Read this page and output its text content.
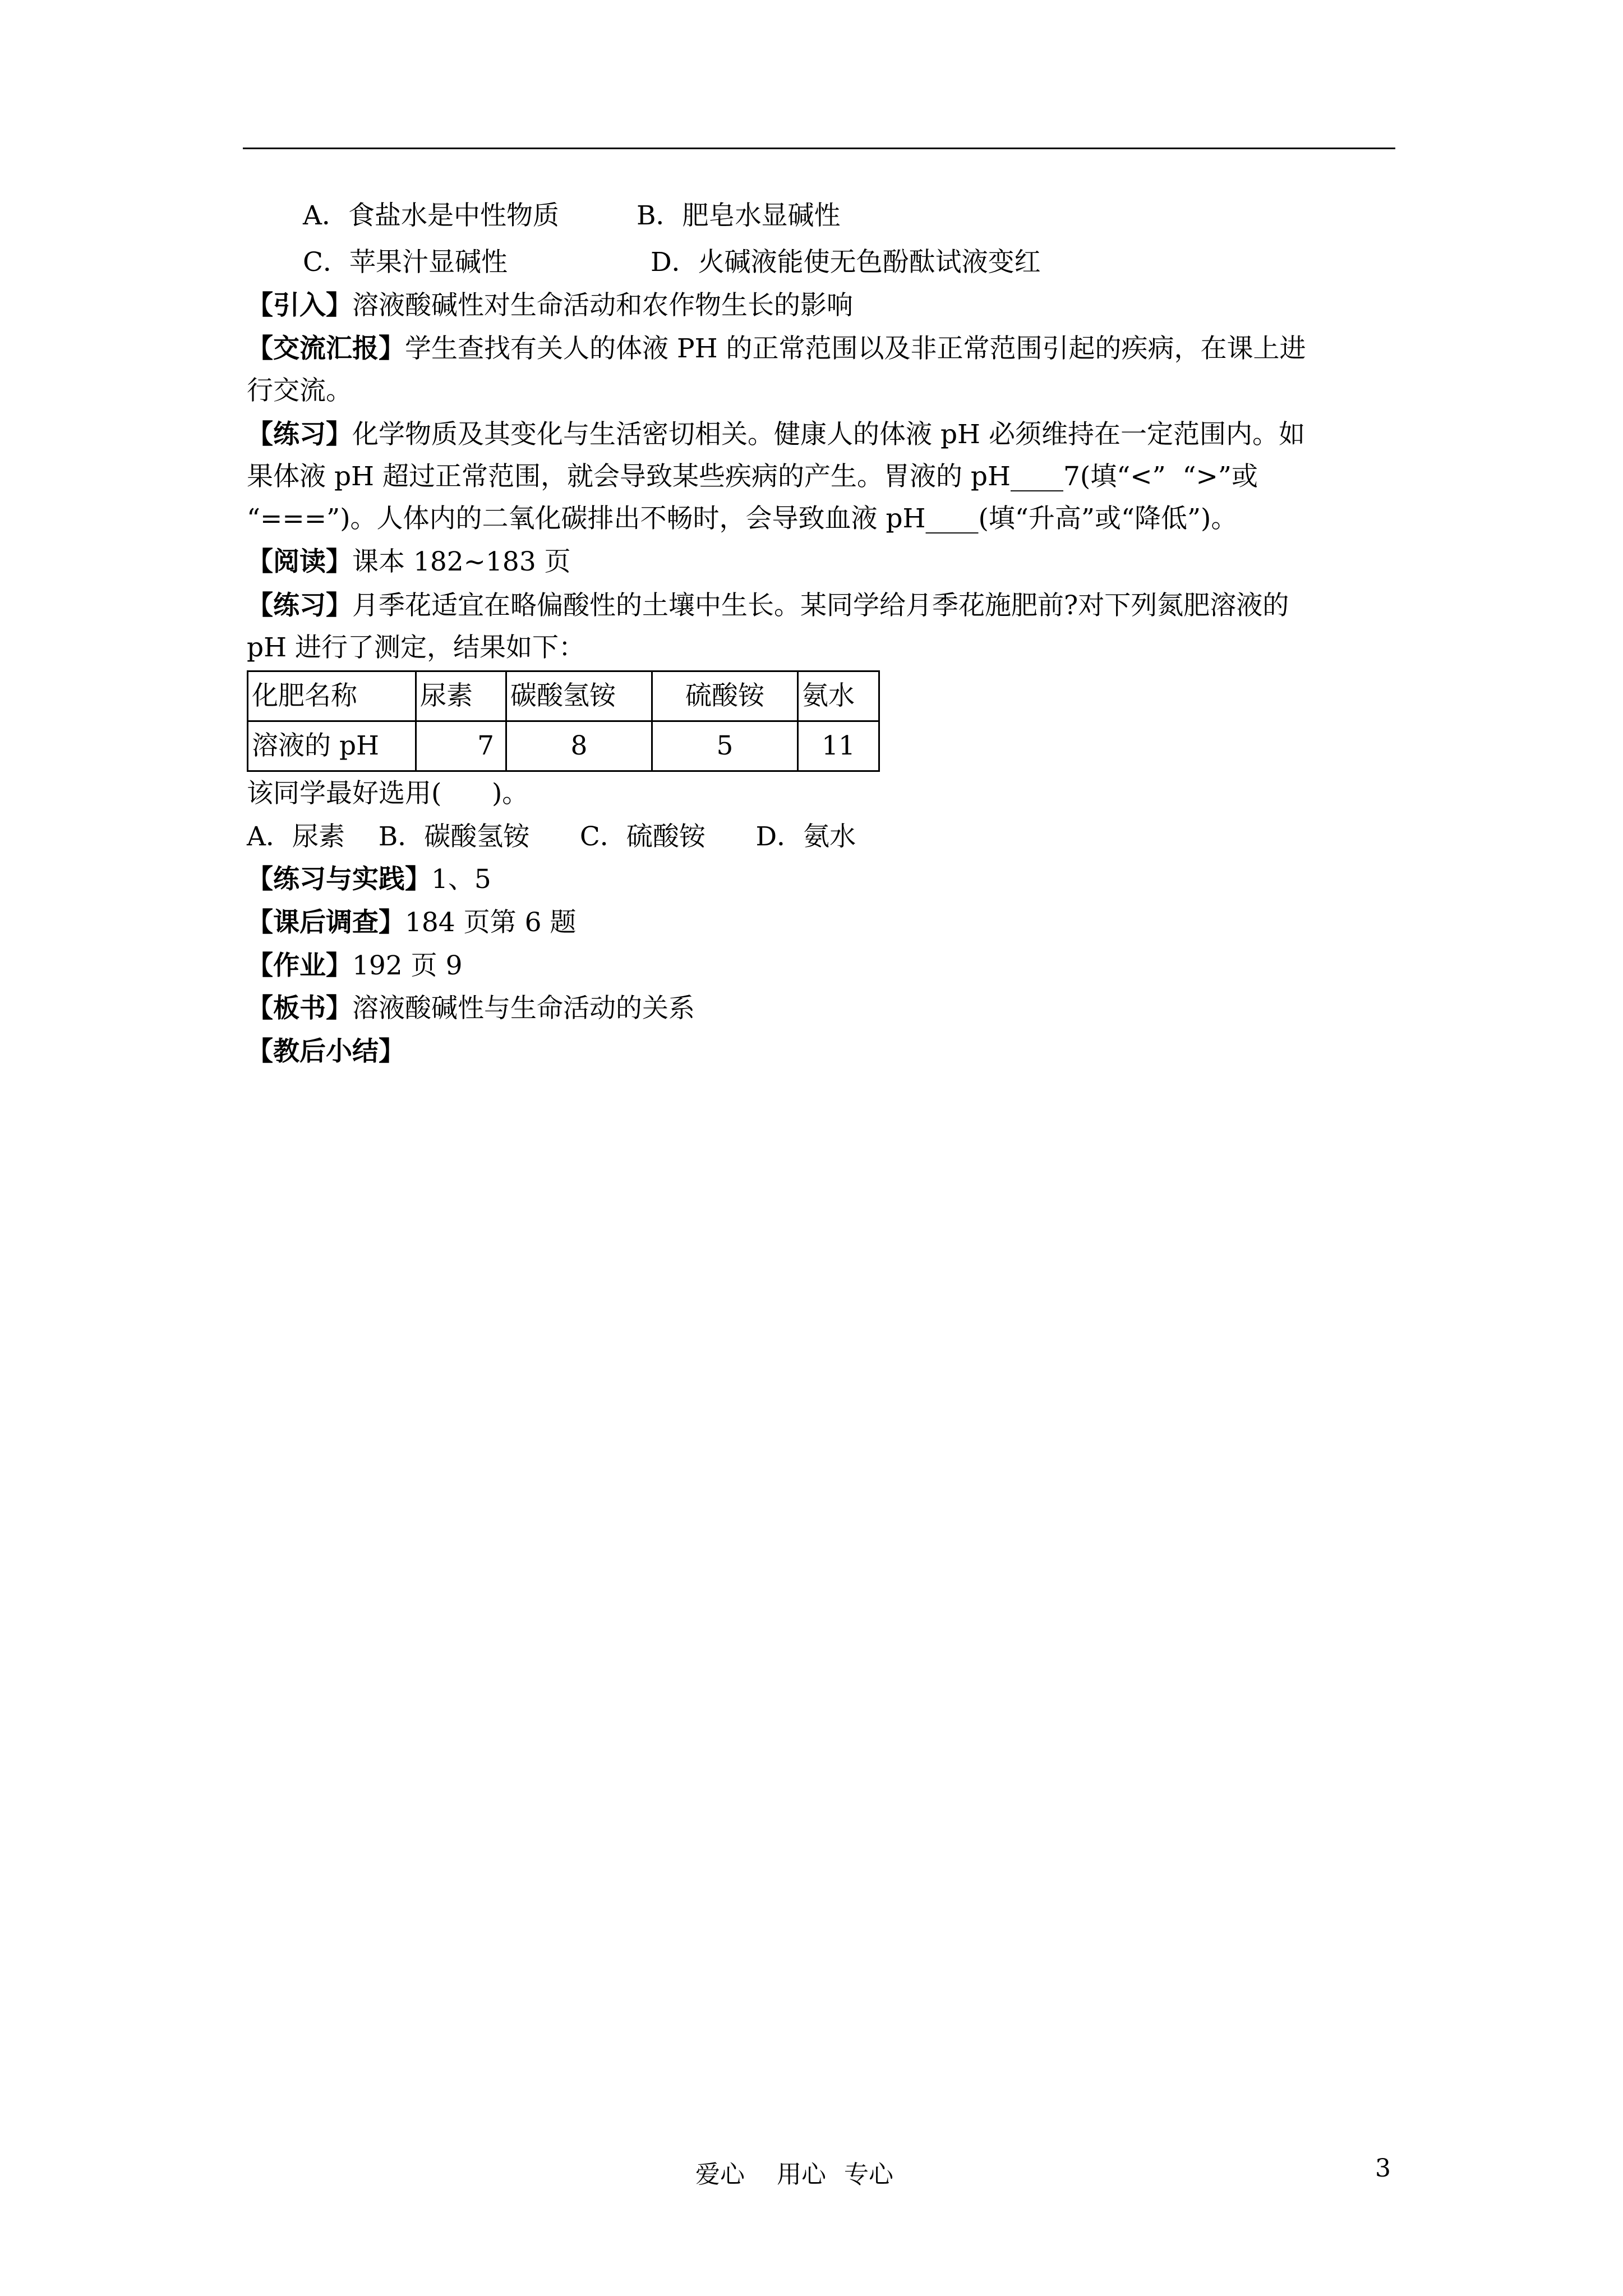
A．食盐水是中性物质	B．肥皂水显碱性
C．苹果汁显碱性	D．火碱液能使无色酚酞试液变红
【引入】溶液酸碱性对生命活动和农作物生长的影响
【交流汇报】学生查找有关人的体液 PH 的正常范围以及非正常范围引起的疾病，在课上进
行交流。
【练习】化学物质及其变化与生活密切相关。健康人的体液 pH 必须维持在一定范围内。如
果体液 pH 超过正常范围，就会导致某些疾病的产生。胃液的 pH____7(填“<”  “>”或
“===”)。人体内的二氧化碳排出不畅时，会导致血液 pH____(填“升高”或“降低”)。
【阅读】课本 182~183 页
【练习】月季花适宜在略偏酸性的土壤中生长。某同学给月季花施肥前?对下列氮肥溶液的
pH 进行了测定，结果如下：
化肥名称	尿素	碳酸氢铵	硫酸铵	氨水
溶液的 pH	7	8	5	11
该同学最好选用(      )。
A．尿素    B．碳酸氢铵      C．硫酸铵      D．氨水
【练习与实践】1、5
【课后调查】184 页第 6 题
【作业】192 页 9
【板书】溶液酸碱性与生命活动的关系
【教后小结】
爱心 用心 专心	3
